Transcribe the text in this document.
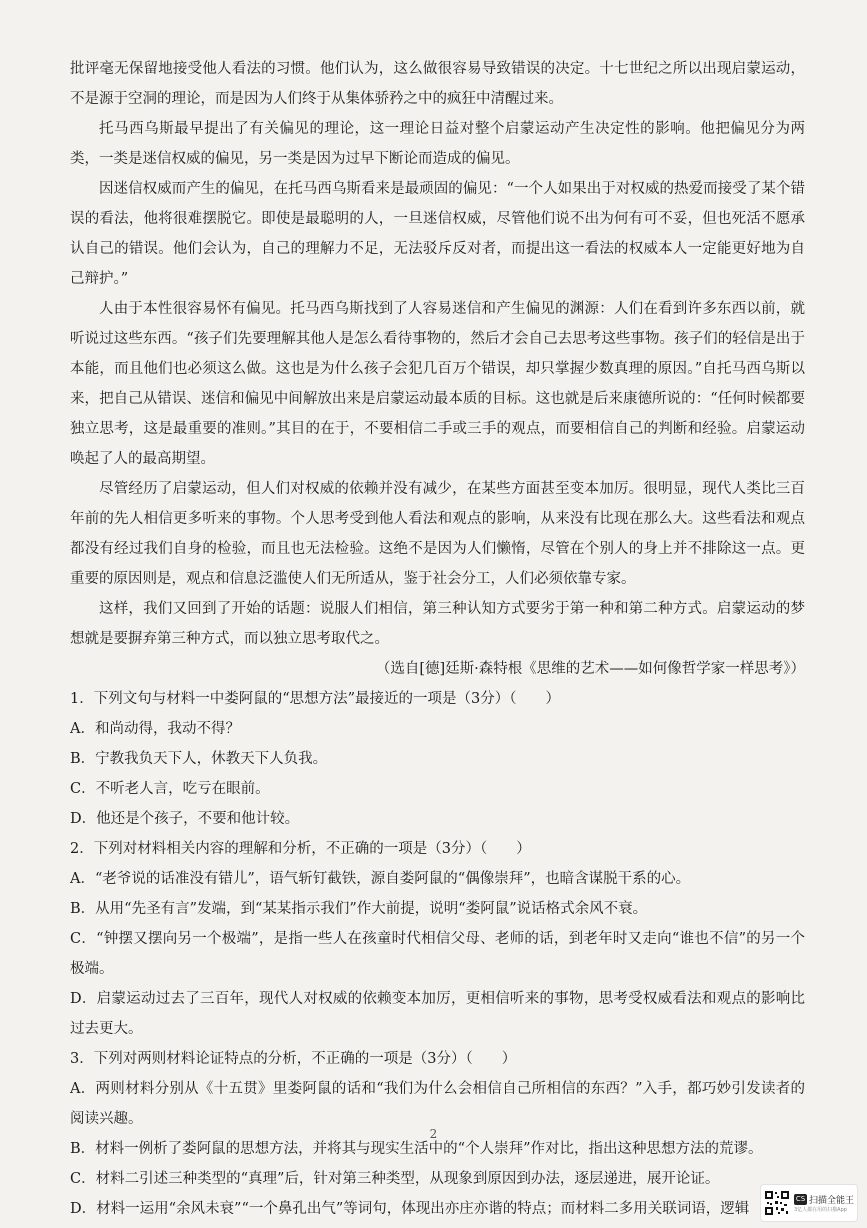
批评毫无保留地接受他人看法的习惯。他们认为，这么做很容易导致错误的决定。十七世纪之所以出现启蒙运动，不是源于空洞的理论，而是因为人们终于从集体骄矜之中的疯狂中清醒过来。

托马西乌斯最早提出了有关偏见的理论，这一理论日益对整个启蒙运动产生决定性的影响。他把偏见分为两类，一类是迷信权威的偏见，另一类是因为过早下断论而造成的偏见。

因迷信权威而产生的偏见，在托马西乌斯看来是最顽固的偏见：“一个人如果出于对权威的热爱而接受了某个错误的看法，他将很难摆脱它。即使是最聪明的人，一旦迷信权威，尽管他们说不出为何有可不妥，但也死活不愿承认自己的错误。他们会认为，自己的理解力不足，无法驳斥反对者，而提出这一看法的权威本人一定能更好地为自己辩护。”

人由于本性很容易怀有偏见。托马西乌斯找到了人容易迷信和产生偏见的渊源：人们在看到许多东西以前，就听说过这些东西。“孩子们先要理解其他人是怎么看待事物的，然后才会自己去思考这些事物。孩子们的轻信是出于本能，而且他们也必须这么做。这也是为什么孩子会犯几百万个错误，却只掌握少数真理的原因。”自托马西乌斯以来，把自己从错误、迷信和偏见中间解放出来是启蒙运动最本质的目标。这也就是后来康德所说的：“任何时候都要独立思考，这是最重要的准则。”其目的在于，不要相信二手或三手的观点，而要相信自己的判断和经验。启蒙运动唤起了人的最高期望。

尽管经历了启蒙运动，但人们对权威的依赖并没有减少，在某些方面甚至变本加厉。很明显，现代人类比三百年前的先人相信更多听来的事物。个人思考受到他人看法和观点的影响，从来没有比现在那么大。这些看法和观点都没有经过我们自身的检验，而且也无法检验。这绝不是因为人们懒惰，尽管在个别人的身上并不排除这一点。更重要的原因则是，观点和信息泛滥使人们无所适从，鉴于社会分工，人们必须依靠专家。

这样，我们又回到了开始的话题：说服人们相信，第三种认知方式要劣于第一种和第二种方式。启蒙运动的梦想就是要摒弃第三种方式，而以独立思考取代之。

（选自[德]廷斯·森特根《思维的艺术——如何像哲学家一样思考》）

1．下列文句与材料一中娄阿鼠的“思想方法”最接近的一项是（3分）（　　）

A．和尚动得，我动不得？

B．宁教我负天下人，休教天下人负我。

C．不听老人言，吃亏在眼前。

D．他还是个孩子，不要和他计较。

2．下列对材料相关内容的理解和分析，不正确的一项是（3分）（　　）

A．“老爷说的话准没有错儿”，语气斩钉截铁，源自娄阿鼠的“偶像崇拜”，也暗含谋脱干系的心。

B．从用“先圣有言”发端，到“某某指示我们”作大前提，说明“娄阿鼠”说话格式余风不衰。

C．“钟摆又摆向另一个极端”，是指一些人在孩童时代相信父母、老师的话，到老年时又走向“谁也不信”的另一个极端。

D．启蒙运动过去了三百年，现代人对权威的依赖变本加厉，更相信听来的事物，思考受权威看法和观点的影响比过去更大。

3．下列对两则材料论证特点的分析，不正确的一项是（3分）（　　）

A．两则材料分别从《十五贯》里娄阿鼠的话和“我们为什么会相信自己所相信的东西？”入手，都巧妙引发读者的阅读兴趣。

B．材料一例析了娄阿鼠的思想方法，并将其与现实生活中的“个人崇拜”作对比，指出这种思想方法的荒谬。

C．材料二引述三种类型的“真理”后，针对第三种类型，从现象到原因到办法，逐层递进，展开论证。

D．材料一运用“余风未衰”“一个鼻孔出气”等词句，体现出亦庄亦谐的特点；而材料二多用关联词语，逻辑

2
CS 扫描全能王
3亿人都在用的扫描App
